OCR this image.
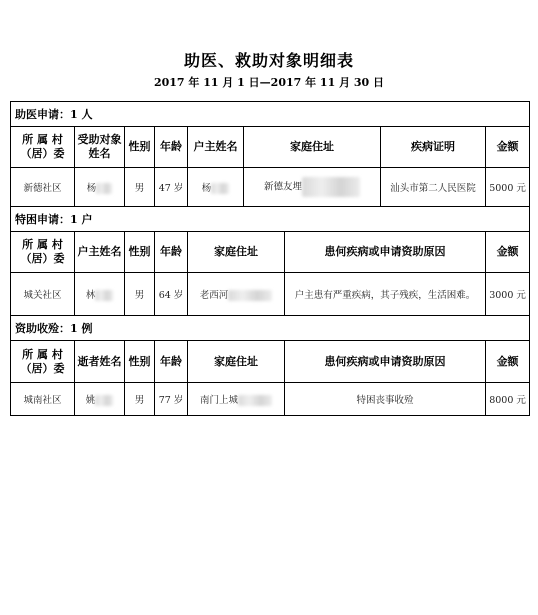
助医、救助对象明细表
2017 年 11 月 1 日—2017 年 11 月 30 日
助医申请：1 人								
所 属 村（居）委	受助对象姓名	性别	年龄	户主姓名	家庭住址		疾病证明	金额
新德社区	杨	男	47 岁	杨	新德友埋		汕头市第二人民医院	5000 元
特困申请：1 户								
所 属 村（居）委	户主姓名	性别	年龄	家庭住址		患何疾病或申请资助原因		金额
城关社区	林	男	64 岁	老西河		户主患有严重疾病，其子残疾，生活困难。		3000 元
资助收殓：1 例								
所 属 村（居）委	逝者姓名	性别	年龄	家庭住址		患何疾病或申请资助原因		金额
城南社区	姚	男	77 岁	南门上城		特困丧事收殓		8000 元
